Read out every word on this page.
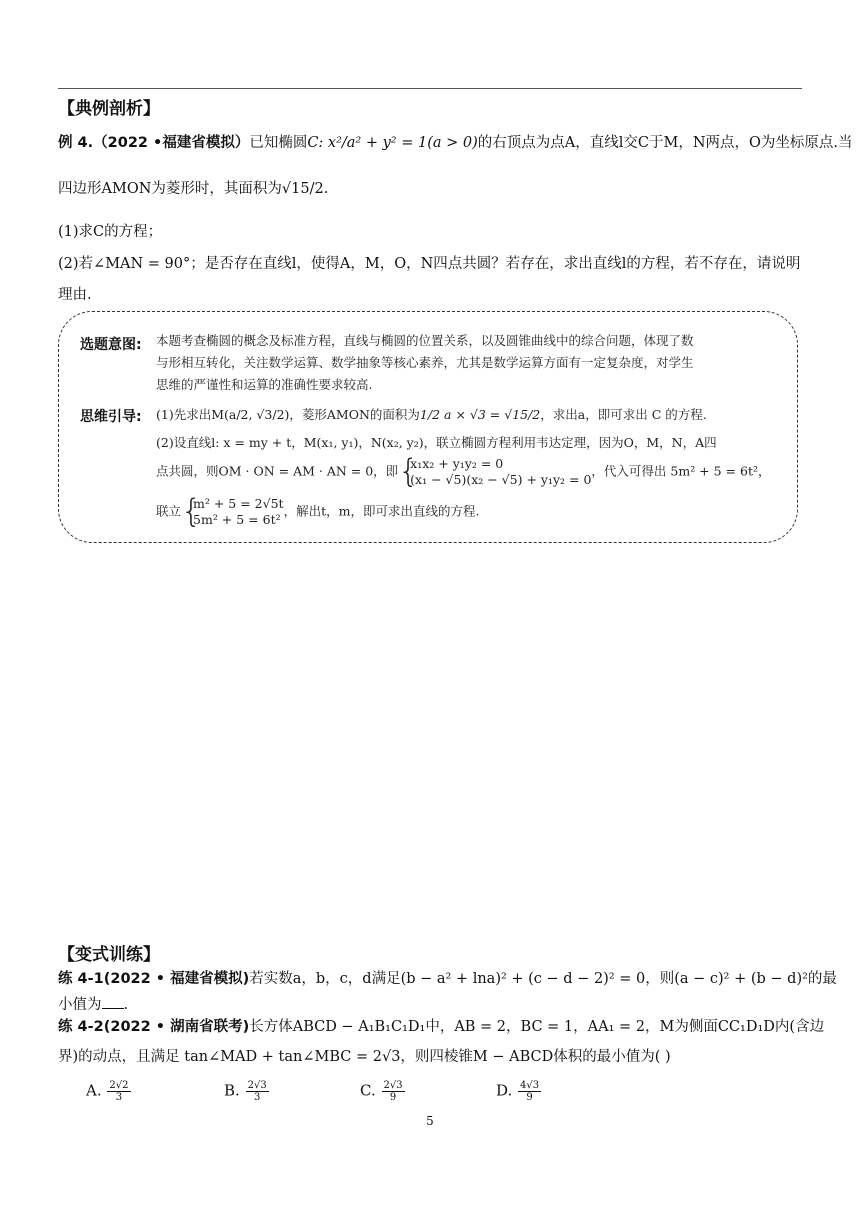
【典例剖析】
例 4.（2022 •福建省模拟）已知椭圆C: x²/a² + y² = 1(a > 0)的右顶点为点A，直线l交C于M，N两点，O为坐标原点.当
四边形AMON为菱形时，其面积为√15/2.
(1)求C的方程；
(2)若∠MAN = 90°；是否存在直线l，使得A，M，O，N四点共圆？若存在，求出直线l的方程，若不存在，请说明
理由.
选题意图: 本题考查椭圆的概念及标准方程，直线与椭圆的位置关系，以及圆锥曲线中的综合问题，体现了数
与形相互转化，关注数学运算、数学抽象等核心素养，尤其是数学运算方面有一定复杂度，对学生
思维的严谨性和运算的准确性要求较高.
思维引导: (1)先求出M(a/2, √3/2)，菱形AMON的面积为1/2 a × √3 = √15/2，求出a，即可求出 C 的方程.
(2)设直线l: x = my + t，M(x₁, y₁)，N(x₂, y₂)，联立椭圆方程利用韦达定理，因为O，M，N，A四
点共圆，则OM · ON = AM · AN = 0，即 {
x₁x₂ + y₁y₂ = 0
(x₁ − √5)(x₂ − √5) + y₁y₂ = 0
，代入可得出 5m² + 5 = 6t²，
联立 {
m² + 5 = 2√5t
5m² + 5 = 6t²
，解出t，m，即可求出直线的方程.
【变式训练】
练 4-1(2022 • 福建省模拟)若实数a，b，c，d满足(b − a² + lna)² + (c − d − 2)² = 0，则(a − c)² + (b − d)²的最
小值为 .
练 4-2(2022 • 湖南省联考)长方体ABCD − A₁B₁C₁D₁中，AB = 2，BC = 1，AA₁ = 2，M为侧面CC₁D₁D内(含边
界)的动点，且满足 tan∠MAD + tan∠MBC = 2√3，则四棱锥M − ABCD体积的最小值为( )
A. $\frac{2√2}{3}$	B. $\frac{2√3}{3}$	C. $\frac{2√3}{9}$	D. $\frac{4√3}{9}$
5
